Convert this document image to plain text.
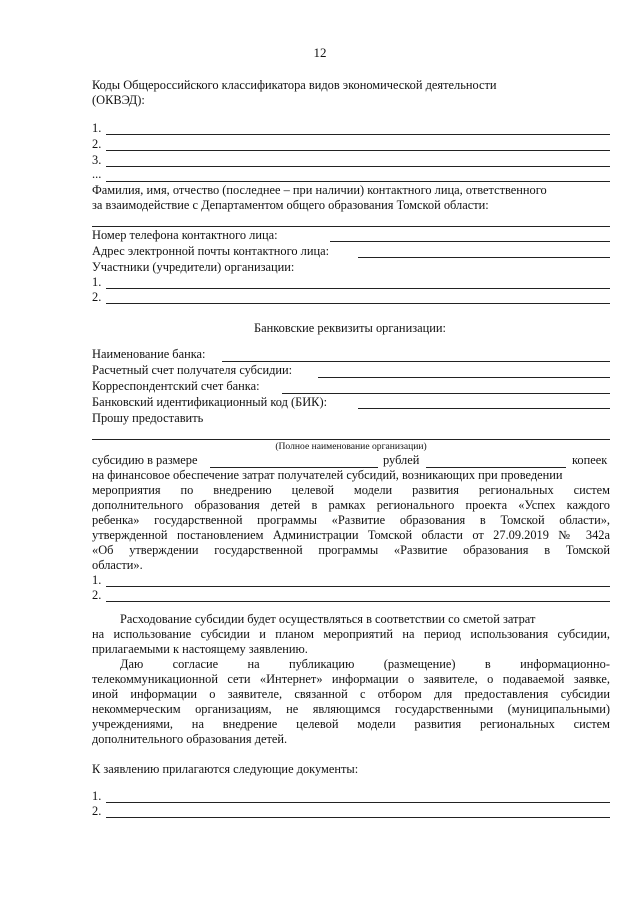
12
Коды Общероссийского классификатора видов экономической деятельности
(ОКВЭД):
1.
2.
3.
...
Фамилия, имя, отчество (последнее – при наличии) контактного лица, ответственного
за взаимодействие с Департаментом общего образования Томской области:
Номер телефона контактного лица:
Адрес электронной почты контактного лица:
Участники (учредители) организации:
1.
2.
Банковские реквизиты организации:
Наименование банка:
Расчетный счет получателя субсидии:
Корреспондентский счет банка:
Банковский идентификационный код (БИК):
Прошу предоставить
(Полное наименование организации)
субсидию в размере	рублей	копеек
на финансовое обеспечение затрат получателей субсидий, возникающих при проведении
мероприятия по внедрению целевой модели развития региональных систем
дополнительного образования детей в рамках регионального проекта «Успех каждого
ребенка» государственной программы «Развитие образования в Томской области»,
утвержденной постановлением Администрации Томской области от 27.09.2019 № 342а
«Об утверждении государственной программы «Развитие образования в Томской
области».
1.
2.
Расходование субсидии будет осуществляться в соответствии со сметой затрат
на использование субсидии и планом мероприятий на период использования субсидии,
прилагаемыми к настоящему заявлению.
Даю согласие на публикацию (размещение) в информационно-
телекоммуникационной сети «Интернет» информации о заявителе, о подаваемой заявке,
иной информации о заявителе, связанной с отбором для предоставления субсидии
некоммерческим организациям, не являющимся государственными (муниципальными)
учреждениями, на внедрение целевой модели развития региональных систем
дополнительного образования детей.
К заявлению прилагаются следующие документы:
1.
2.
